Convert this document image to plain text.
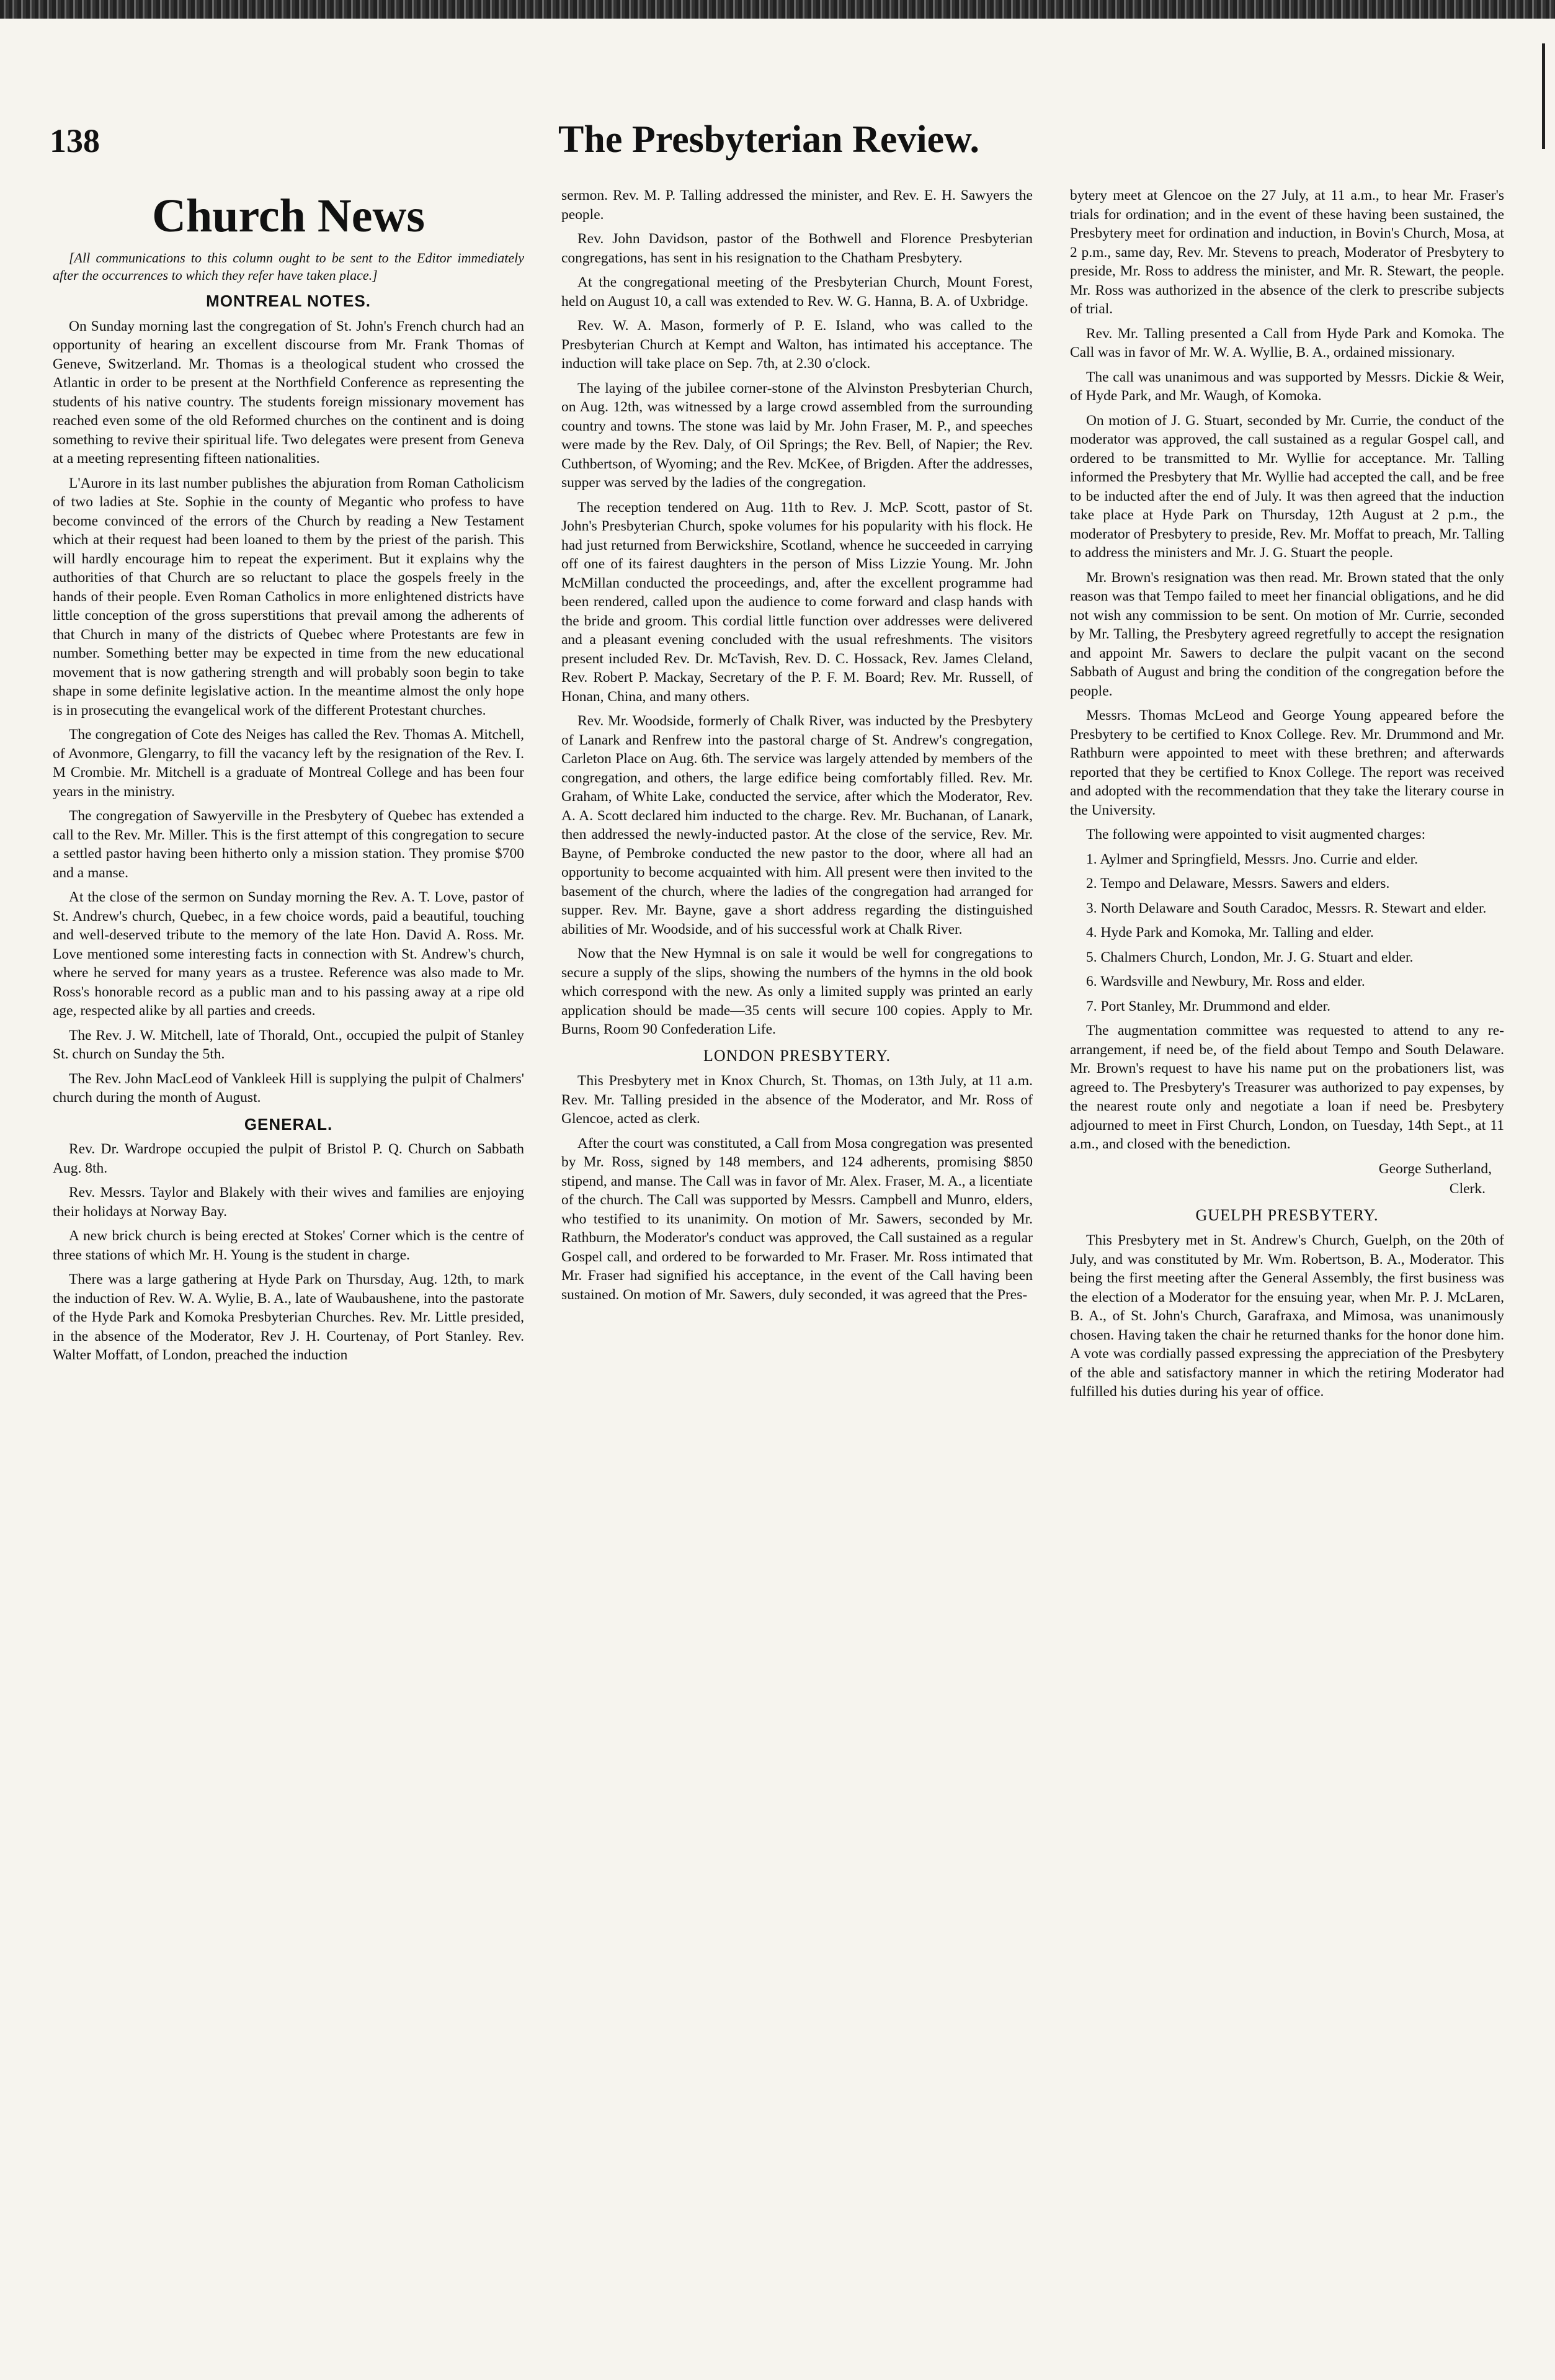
138	The Presbyterian Review.
Church News

[All communications to this column ought to be sent to the Editor immediately after the occurrences to which they refer have taken place.]

MONTREAL NOTES.

On Sunday morning last the congregation of St. John's French church had an opportunity of hearing an excellent discourse from Mr. Frank Thomas of Geneve, Switzerland. Mr. Thomas is a theological student who crossed the Atlantic in order to be present at the Northfield Conference as representing the students of his native country. The students foreign missionary movement has reached even some of the old Reformed churches on the continent and is doing something to revive their spiritual life. Two delegates were present from Geneva at a meeting representing fifteen nationalities.

L'Aurore in its last number publishes the abjuration from Roman Catholicism of two ladies at Ste. Sophie in the county of Megantic who profess to have become convinced of the errors of the Church by reading a New Testament which at their request had been loaned to them by the priest of the parish. This will hardly encourage him to repeat the experiment. But it explains why the authorities of that Church are so reluctant to place the gospels freely in the hands of their people. Even Roman Catholics in more enlightened districts have little conception of the gross superstitions that prevail among the adherents of that Church in many of the districts of Quebec where Protestants are few in number. Something better may be expected in time from the new educational movement that is now gathering strength and will probably soon begin to take shape in some definite legislative action. In the meantime almost the only hope is in prosecuting the evangelical work of the different Protestant churches.

The congregation of Cote des Neiges has called the Rev. Thomas A. Mitchell, of Avonmore, Glengarry, to fill the vacancy left by the resignation of the Rev. I. M Crombie. Mr. Mitchell is a graduate of Montreal College and has been four years in the ministry.

The congregation of Sawyerville in the Presbytery of Quebec has extended a call to the Rev. Mr. Miller. This is the first attempt of this congregation to secure a settled pastor having been hitherto only a mission station. They promise $700 and a manse.

At the close of the sermon on Sunday morning the Rev. A. T. Love, pastor of St. Andrew's church, Quebec, in a few choice words, paid a beautiful, touching and well-deserved tribute to the memory of the late Hon. David A. Ross. Mr. Love mentioned some interesting facts in connection with St. Andrew's church, where he served for many years as a trustee. Reference was also made to Mr. Ross's honorable record as a public man and to his passing away at a ripe old age, respected alike by all parties and creeds.

The Rev. J. W. Mitchell, late of Thorald, Ont., occupied the pulpit of Stanley St. church on Sunday the 5th.

The Rev. John MacLeod of Vankleek Hill is supplying the pulpit of Chalmers' church during the month of August.

GENERAL.

Rev. Dr. Wardrope occupied the pulpit of Bristol P. Q. Church on Sabbath Aug. 8th.

Rev. Messrs. Taylor and Blakely with their wives and families are enjoying their holidays at Norway Bay.

A new brick church is being erected at Stokes' Corner which is the centre of three stations of which Mr. H. Young is the student in charge.

There was a large gathering at Hyde Park on Thursday, Aug. 12th, to mark the induction of Rev. W. A. Wylie, B. A., late of Waubaushene, into the pastorate of the Hyde Park and Komoka Presbyterian Churches. Rev. Mr. Little presided, in the absence of the Moderator, Rev J. H. Courtenay, of Port Stanley. Rev. Walter Moffatt, of London, preached the induction

sermon. Rev. M. P. Talling addressed the minister, and Rev. E. H. Sawyers the people.

Rev. John Davidson, pastor of the Bothwell and Florence Presbyterian congregations, has sent in his resignation to the Chatham Presbytery.

At the congregational meeting of the Presbyterian Church, Mount Forest, held on August 10, a call was extended to Rev. W. G. Hanna, B. A. of Uxbridge.

Rev. W. A. Mason, formerly of P. E. Island, who was called to the Presbyterian Church at Kempt and Walton, has intimated his acceptance. The induction will take place on Sep. 7th, at 2.30 o'clock.

The laying of the jubilee corner-stone of the Alvinston Presbyterian Church, on Aug. 12th, was witnessed by a large crowd assembled from the surrounding country and towns. The stone was laid by Mr. John Fraser, M. P., and speeches were made by the Rev. Daly, of Oil Springs; the Rev. Bell, of Napier; the Rev. Cuthbertson, of Wyoming; and the Rev. McKee, of Brigden. After the addresses, supper was served by the ladies of the congregation.

The reception tendered on Aug. 11th to Rev. J. McP. Scott, pastor of St. John's Presbyterian Church, spoke volumes for his popularity with his flock. He had just returned from Berwickshire, Scotland, whence he succeeded in carrying off one of its fairest daughters in the person of Miss Lizzie Young. Mr. John McMillan conducted the proceedings, and, after the excellent programme had been rendered, called upon the audience to come forward and clasp hands with the bride and groom. This cordial little function over addresses were delivered and a pleasant evening concluded with the usual refreshments. The visitors present included Rev. Dr. McTavish, Rev. D. C. Hossack, Rev. James Cleland, Rev. Robert P. Mackay, Secretary of the P. F. M. Board; Rev. Mr. Russell, of Honan, China, and many others.

Rev. Mr. Woodside, formerly of Chalk River, was inducted by the Presbytery of Lanark and Renfrew into the pastoral charge of St. Andrew's congregation, Carleton Place on Aug. 6th. The service was largely attended by members of the congregation, and others, the large edifice being comfortably filled. Rev. Mr. Graham, of White Lake, conducted the service, after which the Moderator, Rev. A. A. Scott declared him inducted to the charge. Rev. Mr. Buchanan, of Lanark, then addressed the newly-inducted pastor. At the close of the service, Rev. Mr. Bayne, of Pembroke conducted the new pastor to the door, where all had an opportunity to become acquainted with him. All present were then invited to the basement of the church, where the ladies of the congregation had arranged for supper. Rev. Mr. Bayne, gave a short address regarding the distinguished abilities of Mr. Woodside, and of his successful work at Chalk River.

Now that the New Hymnal is on sale it would be well for congregations to secure a supply of the slips, showing the numbers of the hymns in the old book which correspond with the new. As only a limited supply was printed an early application should be made—35 cents will secure 100 copies. Apply to Mr. Burns, Room 90 Confederation Life.

LONDON PRESBYTERY.

This Presbytery met in Knox Church, St. Thomas, on 13th July, at 11 a.m. Rev. Mr. Talling presided in the absence of the Moderator, and Mr. Ross of Glencoe, acted as clerk.

After the court was constituted, a Call from Mosa congregation was presented by Mr. Ross, signed by 148 members, and 124 adherents, promising $850 stipend, and manse. The Call was in favor of Mr. Alex. Fraser, M. A., a licentiate of the church. The Call was supported by Messrs. Campbell and Munro, elders, who testified to its unanimity. On motion of Mr. Sawers, seconded by Mr. Rathburn, the Moderator's conduct was approved, the Call sustained as a regular Gospel call, and ordered to be forwarded to Mr. Fraser. Mr. Ross intimated that Mr. Fraser had signified his acceptance, in the event of the Call having been sustained. On motion of Mr. Sawers, duly seconded, it was agreed that the Pres-

bytery meet at Glencoe on the 27 July, at 11 a.m., to hear Mr. Fraser's trials for ordination; and in the event of these having been sustained, the Presbytery meet for ordination and induction, in Bovin's Church, Mosa, at 2 p.m., same day, Rev. Mr. Stevens to preach, Moderator of Presbytery to preside, Mr. Ross to address the minister, and Mr. R. Stewart, the people. Mr. Ross was authorized in the absence of the clerk to prescribe subjects of trial.

Rev. Mr. Talling presented a Call from Hyde Park and Komoka. The Call was in favor of Mr. W. A. Wyllie, B. A., ordained missionary.

The call was unanimous and was supported by Messrs. Dickie & Weir, of Hyde Park, and Mr. Waugh, of Komoka.

On motion of J. G. Stuart, seconded by Mr. Currie, the conduct of the moderator was approved, the call sustained as a regular Gospel call, and ordered to be transmitted to Mr. Wyllie for acceptance. Mr. Talling informed the Presbytery that Mr. Wyllie had accepted the call, and be free to be inducted after the end of July. It was then agreed that the induction take place at Hyde Park on Thursday, 12th August at 2 p.m., the moderator of Presbytery to preside, Rev. Mr. Moffat to preach, Mr. Talling to address the ministers and Mr. J. G. Stuart the people.

Mr. Brown's resignation was then read. Mr. Brown stated that the only reason was that Tempo failed to meet her financial obligations, and he did not wish any commission to be sent. On motion of Mr. Currie, seconded by Mr. Talling, the Presbytery agreed regretfully to accept the resignation and appoint Mr. Sawers to declare the pulpit vacant on the second Sabbath of August and bring the condition of the congregation before the people.

Messrs. Thomas McLeod and George Young appeared before the Presbytery to be certified to Knox College. Rev. Mr. Drummond and Mr. Rathburn were appointed to meet with these brethren; and afterwards reported that they be certified to Knox College. The report was received and adopted with the recommendation that they take the literary course in the University.

The following were appointed to visit augmented charges:

1. Aylmer and Springfield, Messrs. Jno. Currie and elder.

2. Tempo and Delaware, Messrs. Sawers and elders.

3. North Delaware and South Caradoc, Messrs. R. Stewart and elder.

4. Hyde Park and Komoka, Mr. Talling and elder.

5. Chalmers Church, London, Mr. J. G. Stuart and elder.

6. Wardsville and Newbury, Mr. Ross and elder.

7. Port Stanley, Mr. Drummond and elder.

The augmentation committee was requested to attend to any re-arrangement, if need be, of the field about Tempo and South Delaware. Mr. Brown's request to have his name put on the probationers list, was agreed to. The Presbytery's Treasurer was authorized to pay expenses, by the nearest route only and negotiate a loan if need be. Presbytery adjourned to meet in First Church, London, on Tuesday, 14th Sept., at 11 a.m., and closed with the benediction.

George Sutherland,
Clerk.
GUELPH PRESBYTERY.

This Presbytery met in St. Andrew's Church, Guelph, on the 20th of July, and was constituted by Mr. Wm. Robertson, B. A., Moderator. This being the first meeting after the General Assembly, the first business was the election of a Moderator for the ensuing year, when Mr. P. J. McLaren, B. A., of St. John's Church, Garafraxa, and Mimosa, was unanimously chosen. Having taken the chair he returned thanks for the honor done him. A vote was cordially passed expressing the appreciation of the Presbytery of the able and satisfactory manner in which the retiring Moderator had fulfilled his duties during his year of office.
